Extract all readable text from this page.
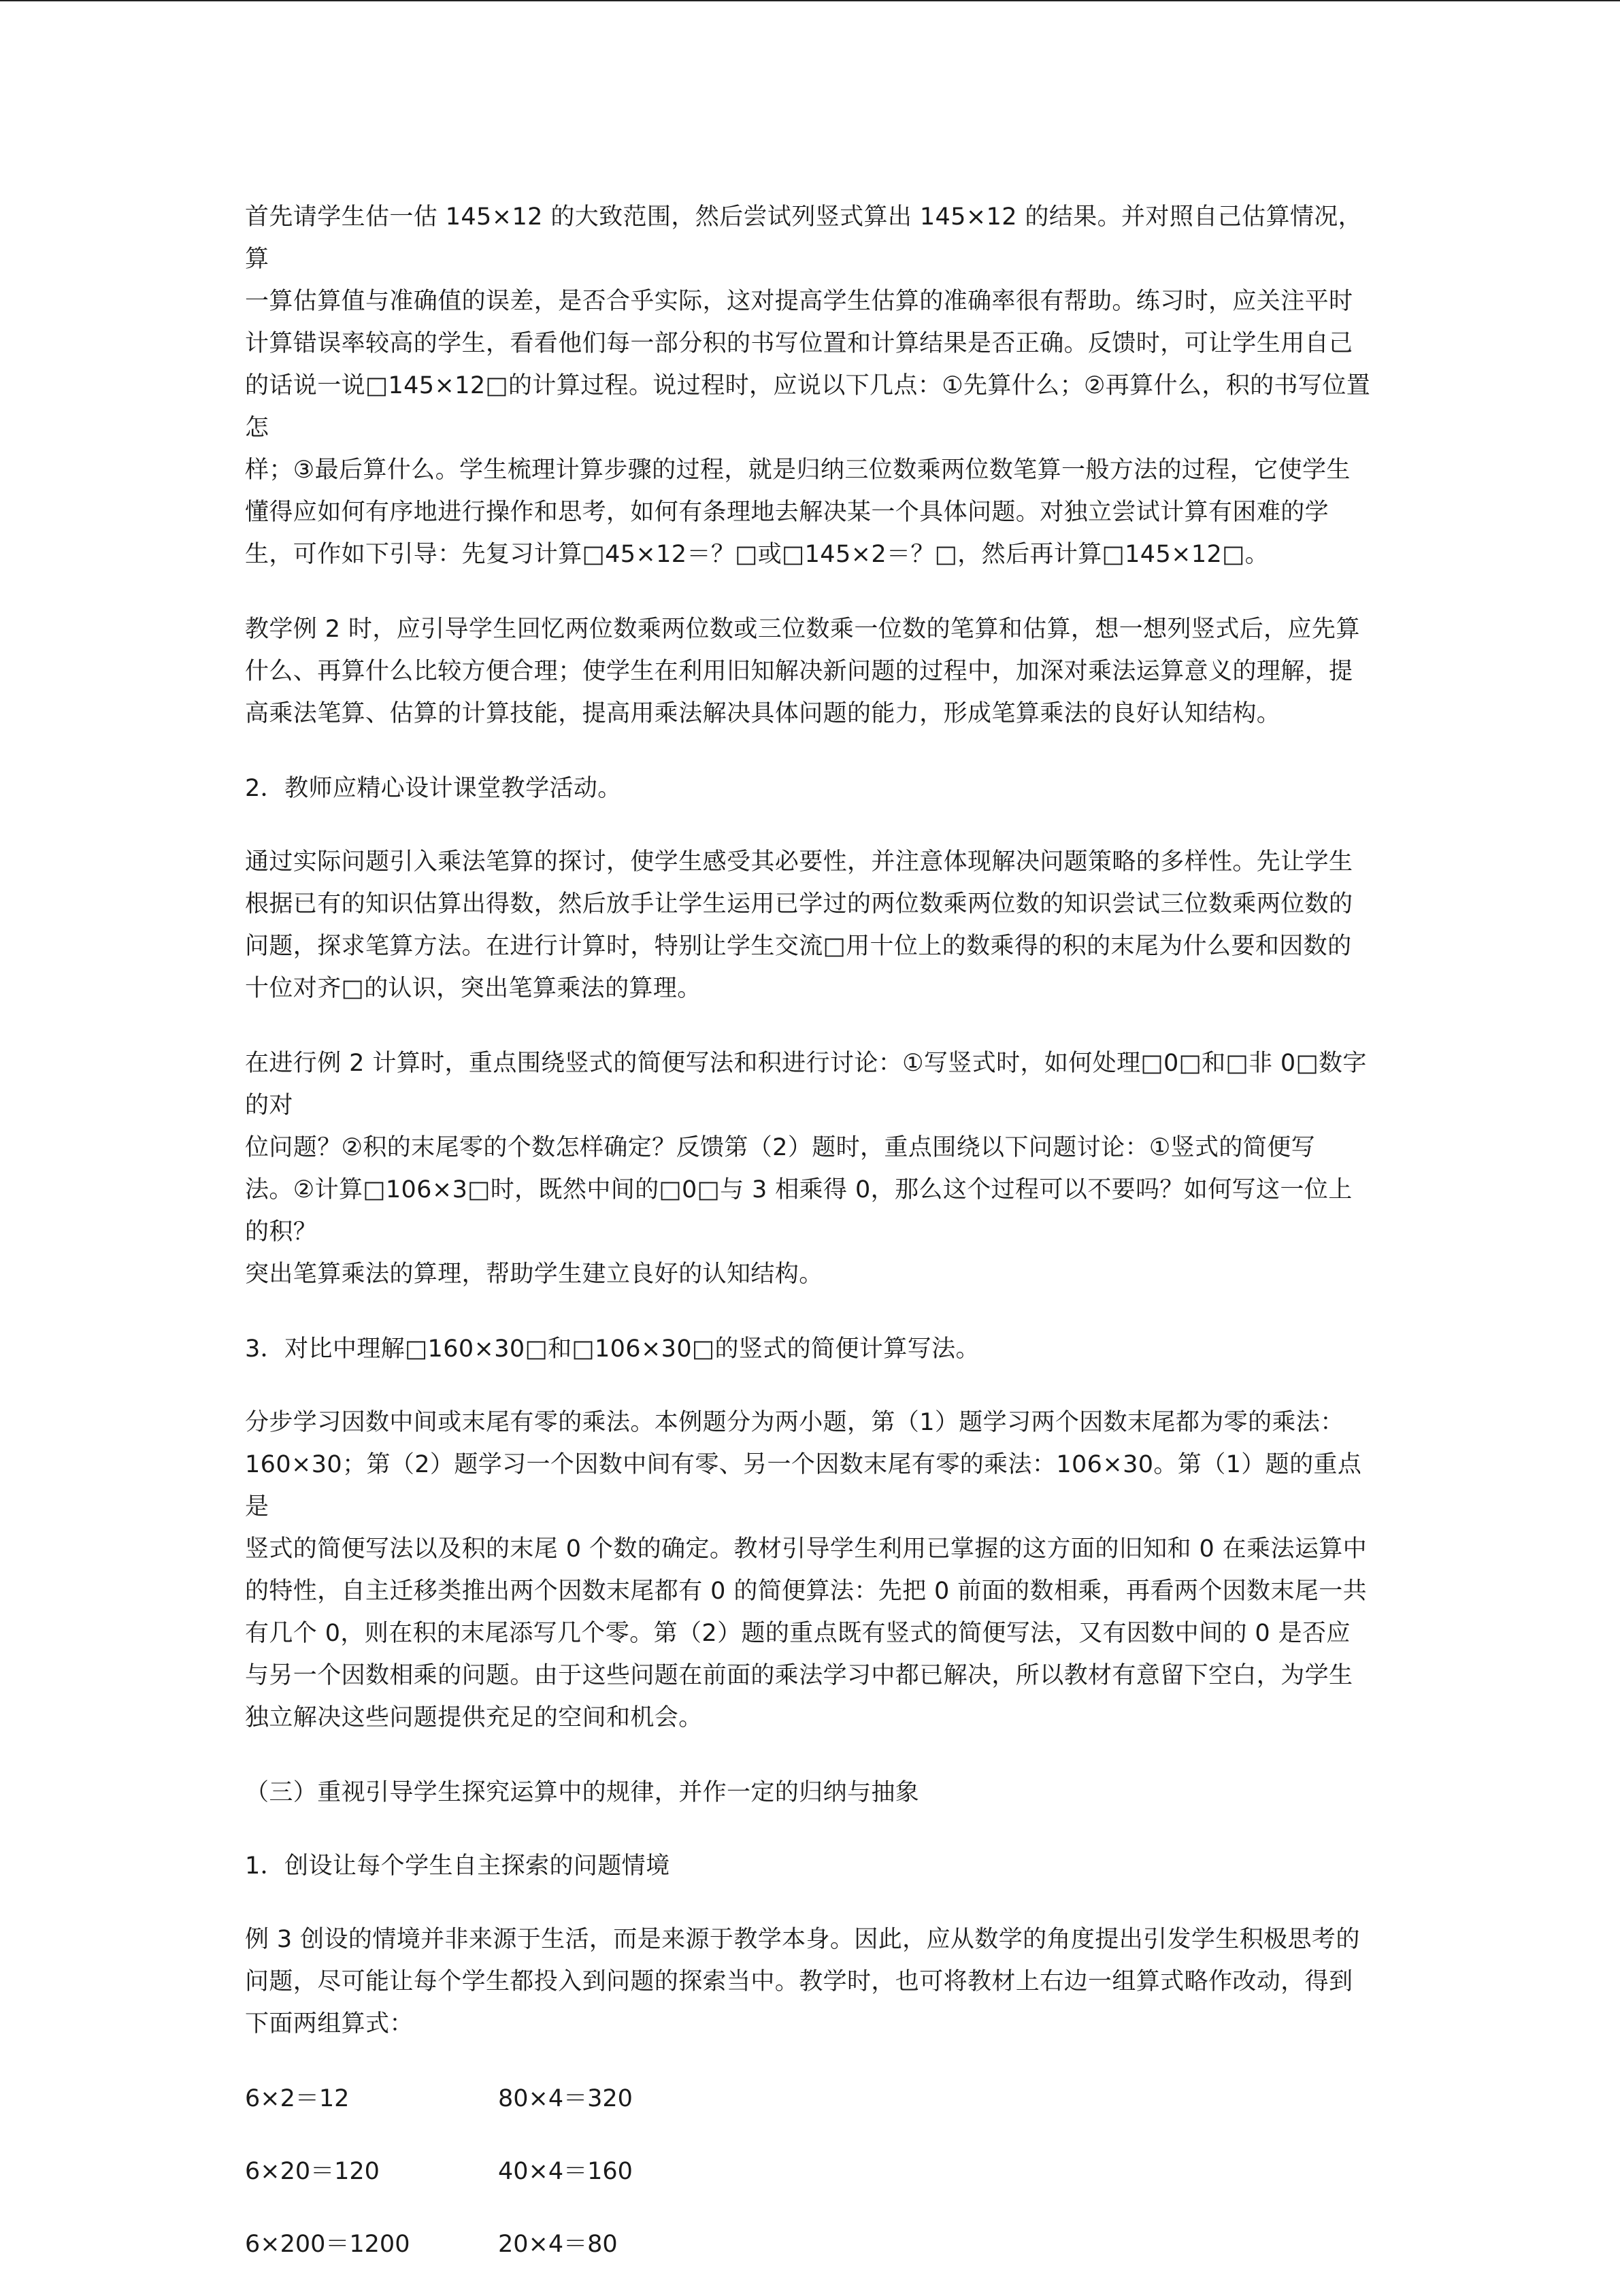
首先请学生估一估 145×12 的大致范围，然后尝试列竖式算出 145×12 的结果。并对照自己估算情况，算
一算估算值与准确值的误差，是否合乎实际，这对提高学生估算的准确率很有帮助。练习时，应关注平时
计算错误率较高的学生，看看他们每一部分积的书写位置和计算结果是否正确。反馈时，可让学生用自己
的话说一说□145×12□的计算过程。说过程时，应说以下几点：①先算什么；②再算什么，积的书写位置怎
样；③最后算什么。学生梳理计算步骤的过程，就是归纳三位数乘两位数笔算一般方法的过程，它使学生
懂得应如何有序地进行操作和思考，如何有条理地去解决某一个具体问题。对独立尝试计算有困难的学
生，可作如下引导：先复习计算□45×12＝？□或□145×2＝？□，然后再计算□145×12□。

教学例 2 时，应引导学生回忆两位数乘两位数或三位数乘一位数的笔算和估算，想一想列竖式后，应先算
什么、再算什么比较方便合理；使学生在利用旧知解决新问题的过程中，加深对乘法运算意义的理解，提
高乘法笔算、估算的计算技能，提高用乘法解决具体问题的能力，形成笔算乘法的良好认知结构。

2．教师应精心设计课堂教学活动。

通过实际问题引入乘法笔算的探讨，使学生感受其必要性，并注意体现解决问题策略的多样性。先让学生
根据已有的知识估算出得数，然后放手让学生运用已学过的两位数乘两位数的知识尝试三位数乘两位数的
问题，探求笔算方法。在进行计算时，特别让学生交流□用十位上的数乘得的积的末尾为什么要和因数的
十位对齐□的认识，突出笔算乘法的算理。

在进行例 2 计算时，重点围绕竖式的简便写法和积进行讨论：①写竖式时，如何处理□0□和□非 0□数字的对
位问题？②积的末尾零的个数怎样确定？反馈第（2）题时，重点围绕以下问题讨论：①竖式的简便写
法。②计算□106×3□时，既然中间的□0□与 3 相乘得 0，那么这个过程可以不要吗？如何写这一位上的积？
突出笔算乘法的算理，帮助学生建立良好的认知结构。

3．对比中理解□160×30□和□106×30□的竖式的简便计算写法。

分步学习因数中间或末尾有零的乘法。本例题分为两小题，第（1）题学习两个因数末尾都为零的乘法：
160×30；第（2）题学习一个因数中间有零、另一个因数末尾有零的乘法：106×30。第（1）题的重点是
竖式的简便写法以及积的末尾 0 个数的确定。教材引导学生利用已掌握的这方面的旧知和 0 在乘法运算中
的特性，自主迁移类推出两个因数末尾都有 0 的简便算法：先把 0 前面的数相乘，再看两个因数末尾一共
有几个 0，则在积的末尾添写几个零。第（2）题的重点既有竖式的简便写法，又有因数中间的 0 是否应
与另一个因数相乘的问题。由于这些问题在前面的乘法学习中都已解决，所以教材有意留下空白，为学生
独立解决这些问题提供充足的空间和机会。

（三）重视引导学生探究运算中的规律，并作一定的归纳与抽象

1．创设让每个学生自主探索的问题情境

例 3 创设的情境并非来源于生活，而是来源于教学本身。因此，应从数学的角度提出引发学生积极思考的
问题，尽可能让每个学生都投入到问题的探索当中。教学时，也可将教材上右边一组算式略作改动，得到
下面两组算式：

6×2＝12	80×4＝320
6×20＝120	40×4＝160
6×200＝1200	20×4＝80
